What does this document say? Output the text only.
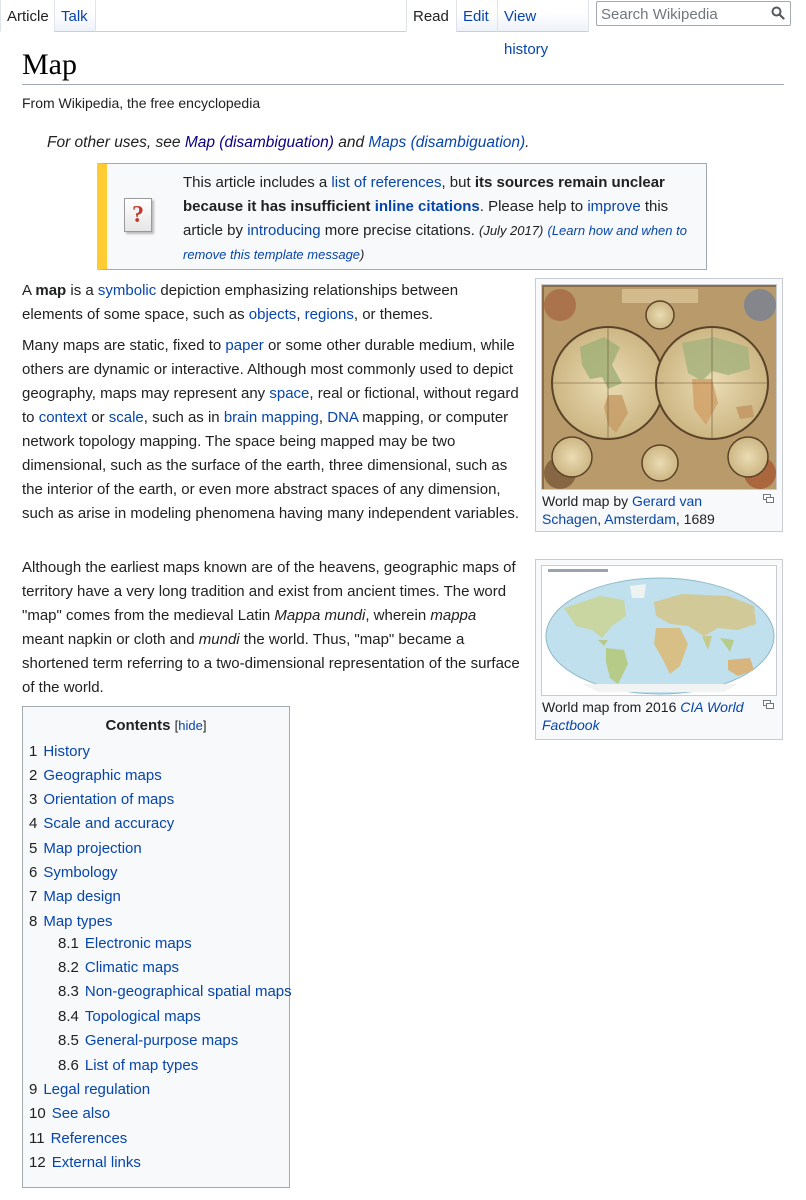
Article Talk	Read Edit	View history
Search Wikipedia
Map
From Wikipedia, the free encyclopedia
For other uses, see Map (disambiguation) and Maps (disambiguation).
?
This article includes a list of references, but its sources remain unclear because it has insufficient inline citations. Please help to improve this article by introducing more precise citations. (July 2017) (Learn how and when to remove this template message)

A map is a symbolic depiction emphasizing relationships between elements of some space, such as objects, regions, or themes.

Many maps are static, fixed to paper or some other durable medium, while others are dynamic or interactive. Although most commonly used to depict geography, maps may represent any space, real or fictional, without regard to context or scale, such as in brain mapping, DNA mapping, or computer network topology mapping. The space being mapped may be two dimensional, such as the surface of the earth, three dimensional, such as the interior of the earth, or even more abstract spaces of any dimension, such as arise in modeling phenomena having many independent variables.

Although the earliest maps known are of the heavens, geographic maps of territory have a very long tradition and exist from ancient times. The word "map" comes from the medieval Latin Mappa mundi, wherein mappa meant napkin or cloth and mundi the world. Thus, "map" became a shortened term referring to a two-dimensional representation of the surface of the world.

World map by Gerard van Schagen, Amsterdam, 1689
World map from 2016 CIA World Factbook
Contents [hide]
1 History
2 Geographic maps
3 Orientation of maps
4 Scale and accuracy
5 Map projection
6 Symbology
7 Map design
8 Map types
8.1 Electronic maps
8.2 Climatic maps
8.3 Non-geographical spatial maps
8.4 Topological maps
8.5 General-purpose maps
8.6 List of map types
9 Legal regulation
10 See also
11 References
12 External links
